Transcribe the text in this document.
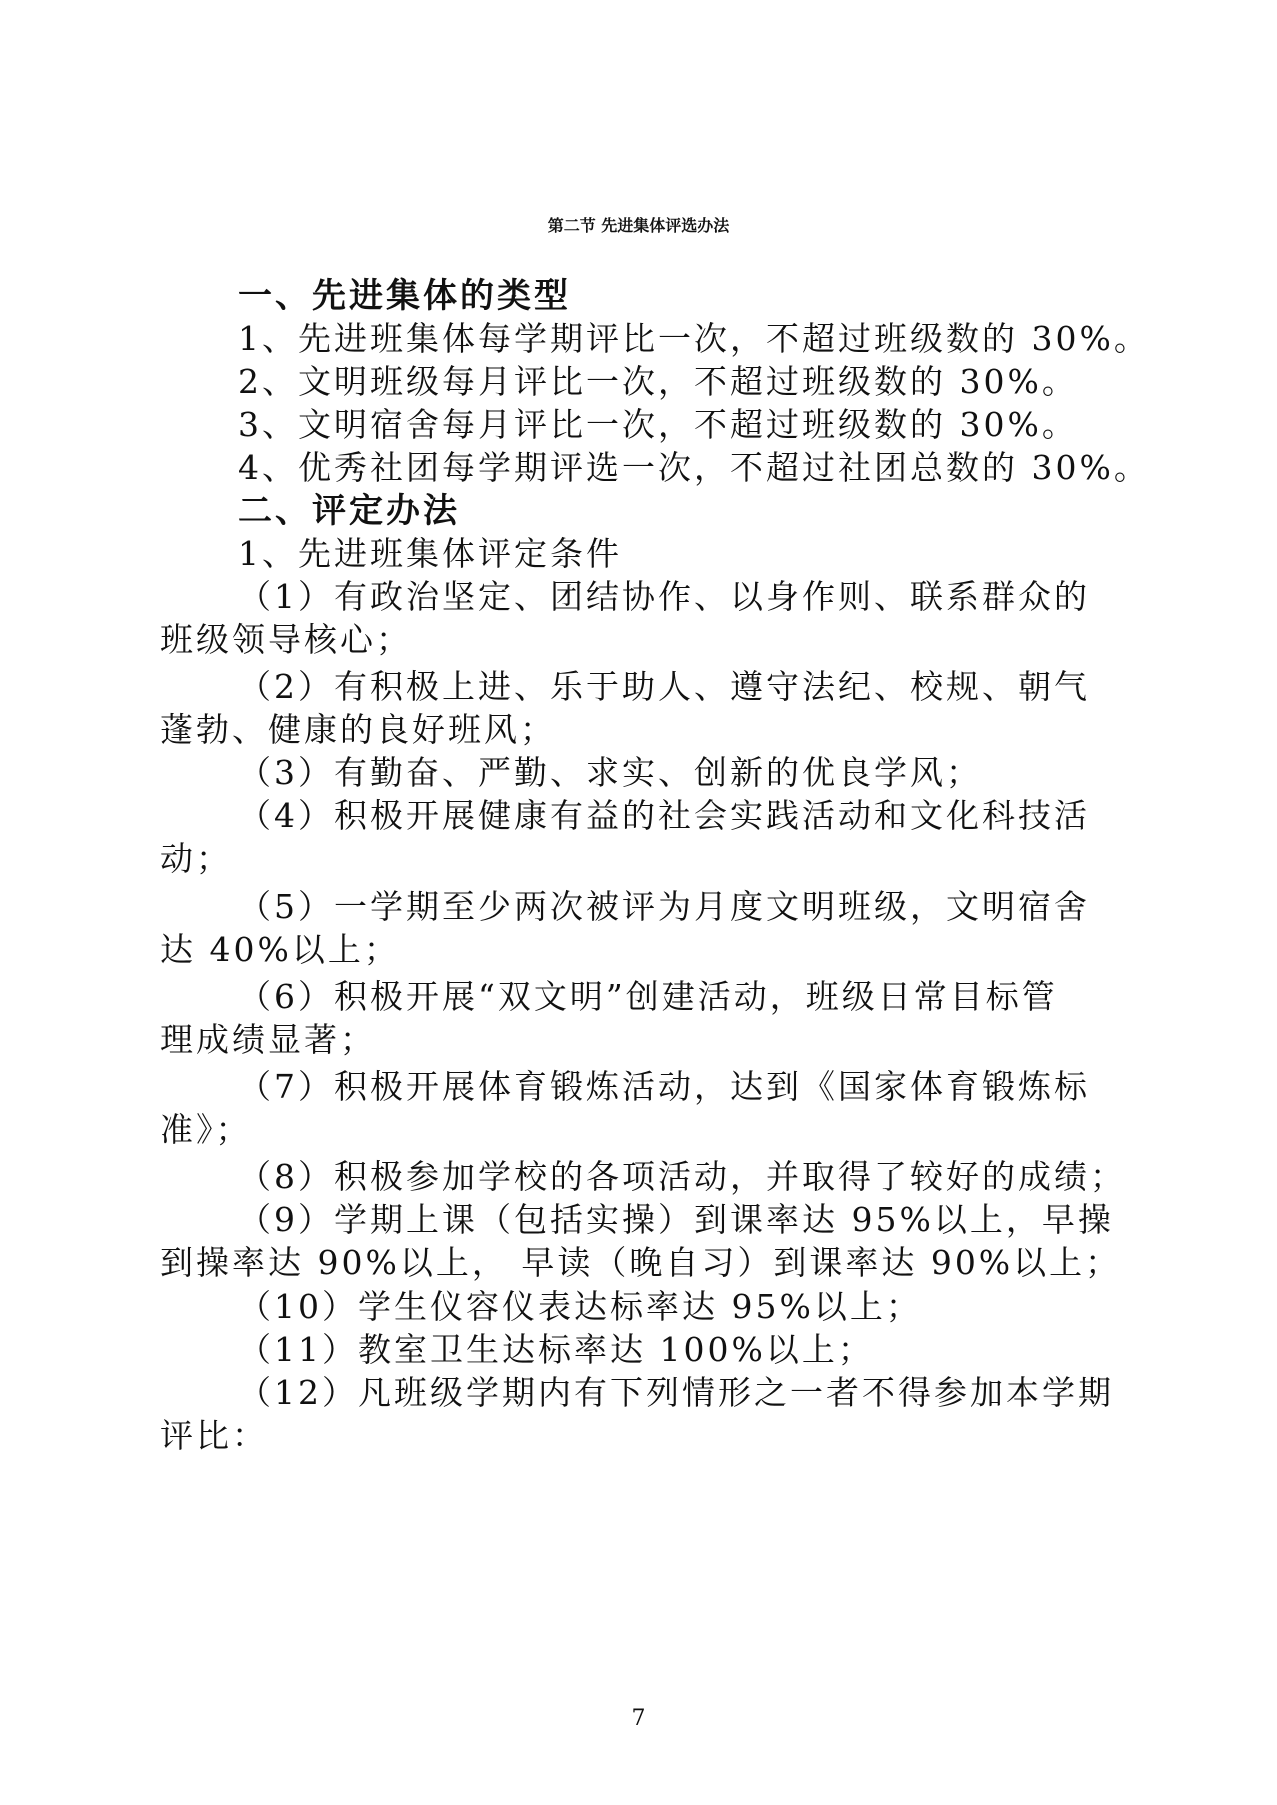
第二节 先进集体评选办法
一、先进集体的类型
1、先进班集体每学期评比一次，不超过班级数的 30%。
2、文明班级每月评比一次，不超过班级数的 30%。
3、文明宿舍每月评比一次，不超过班级数的 30%。
4、优秀社团每学期评选一次，不超过社团总数的 30%。
二、评定办法
1、先进班集体评定条件
（1）有政治坚定、团结协作、以身作则、联系群众的
班级领导核心；
（2）有积极上进、乐于助人、遵守法纪、校规、朝气
蓬勃、健康的良好班风；
（3）有勤奋、严勤、求实、创新的优良学风；
（4）积极开展健康有益的社会实践活动和文化科技活
动；
（5）一学期至少两次被评为月度文明班级，文明宿舍
达 40%以上；
（6）积极开展“双文明”创建活动，班级日常目标管
理成绩显著；
（7）积极开展体育锻炼活动，达到《国家体育锻炼标
准》；
（8）积极参加学校的各项活动，并取得了较好的成绩；
（9）学期上课（包括实操）到课率达 95%以上，早操
到操率达 90%以上， 早读（晚自习）到课率达 90%以上；
（10）学生仪容仪表达标率达 95%以上；
（11）教室卫生达标率达 100%以上；
（12）凡班级学期内有下列情形之一者不得参加本学期
评比：
7
